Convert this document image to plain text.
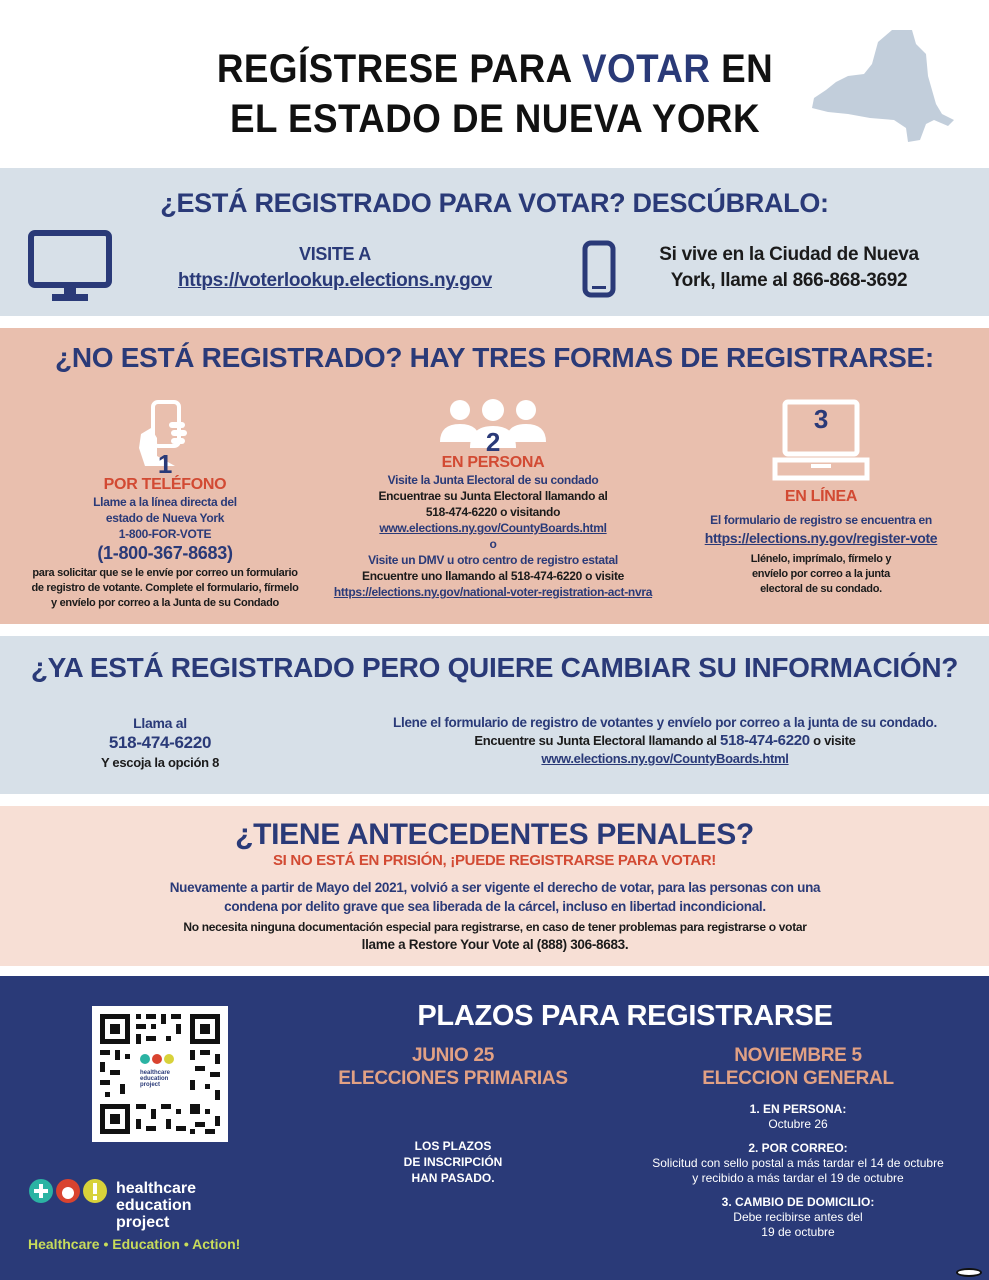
REGÍSTRESE PARA VOTAR EN
EL ESTADO DE NUEVA YORK
¿ESTÁ REGISTRADO PARA VOTAR? DESCÚBRALO:
VISITE A
https://voterlookup.elections.ny.gov
Si vive en la Ciudad de Nueva
York, llame al 866-868-3692
¿NO ESTÁ REGISTRADO? HAY TRES FORMAS DE REGISTRARSE:
1
POR TELÉFONO
Llame a la línea directa del
estado de Nueva York
1-800-FOR-VOTE
(1-800-367-8683)
para solicitar que se le envíe por correo un formulario
de registro de votante. Complete el formulario, fírmelo
y envíelo por correo a la Junta de su Condado
2
EN PERSONA
Visite la Junta Electoral de su condado
Encuentrae su Junta Electoral llamando al
518-474-6220 o visitando
www.elections.ny.gov/CountyBoards.html
o
Visite un DMV u otro centro de registro estatal
Encuentre uno llamando al 518-474-6220 o visite
https://elections.ny.gov/national-voter-registration-act-nvra
3
EN LÍNEA
El formulario de registro se encuentra en
https://elections.ny.gov/register-vote
Llénelo, imprímalo, fírmelo y
envíelo por correo a la junta
electoral de su condado.
¿YA ESTÁ REGISTRADO PERO QUIERE CAMBIAR SU INFORMACIÓN?
Llama al
518-474-6220
Y escoja la opción 8
Llene el formulario de registro de votantes y envíelo por correo a la junta de su condado.
Encuentre su Junta Electoral llamando al 518-474-6220 o visite
www.elections.ny.gov/CountyBoards.html
¿TIENE ANTECEDENTES PENALES?
SI NO ESTÁ EN PRISIÓN, ¡PUEDE REGISTRARSE PARA VOTAR!
Nuevamente a partir de Mayo del 2021, volvió a ser vigente el derecho de votar, para las personas con una
condena por delito grave que sea liberada de la cárcel, incluso en libertad incondicional.
No necesita ninguna documentación especial para registrarse, en caso de tener problemas para registrarse o votar
llame a Restore Your Vote al (888) 306-8683.
healthcare
education
project
healthcare
education
project
Healthcare • Education • Action!
PLAZOS PARA REGISTRARSE
JUNIO 25
ELECCIONES PRIMARIAS
LOS PLAZOS
DE INSCRIPCIÓN
HAN PASADO.
NOVIEMBRE 5
ELECCION GENERAL
1. EN PERSONA:
Octubre 26
2. POR CORREO:
Solicitud con sello postal a más tardar el 14 de octubre
y recibido a más tardar el 19 de octubre
3. CAMBIO DE DOMICILIO:
Debe recibirse antes del
19 de octubre
